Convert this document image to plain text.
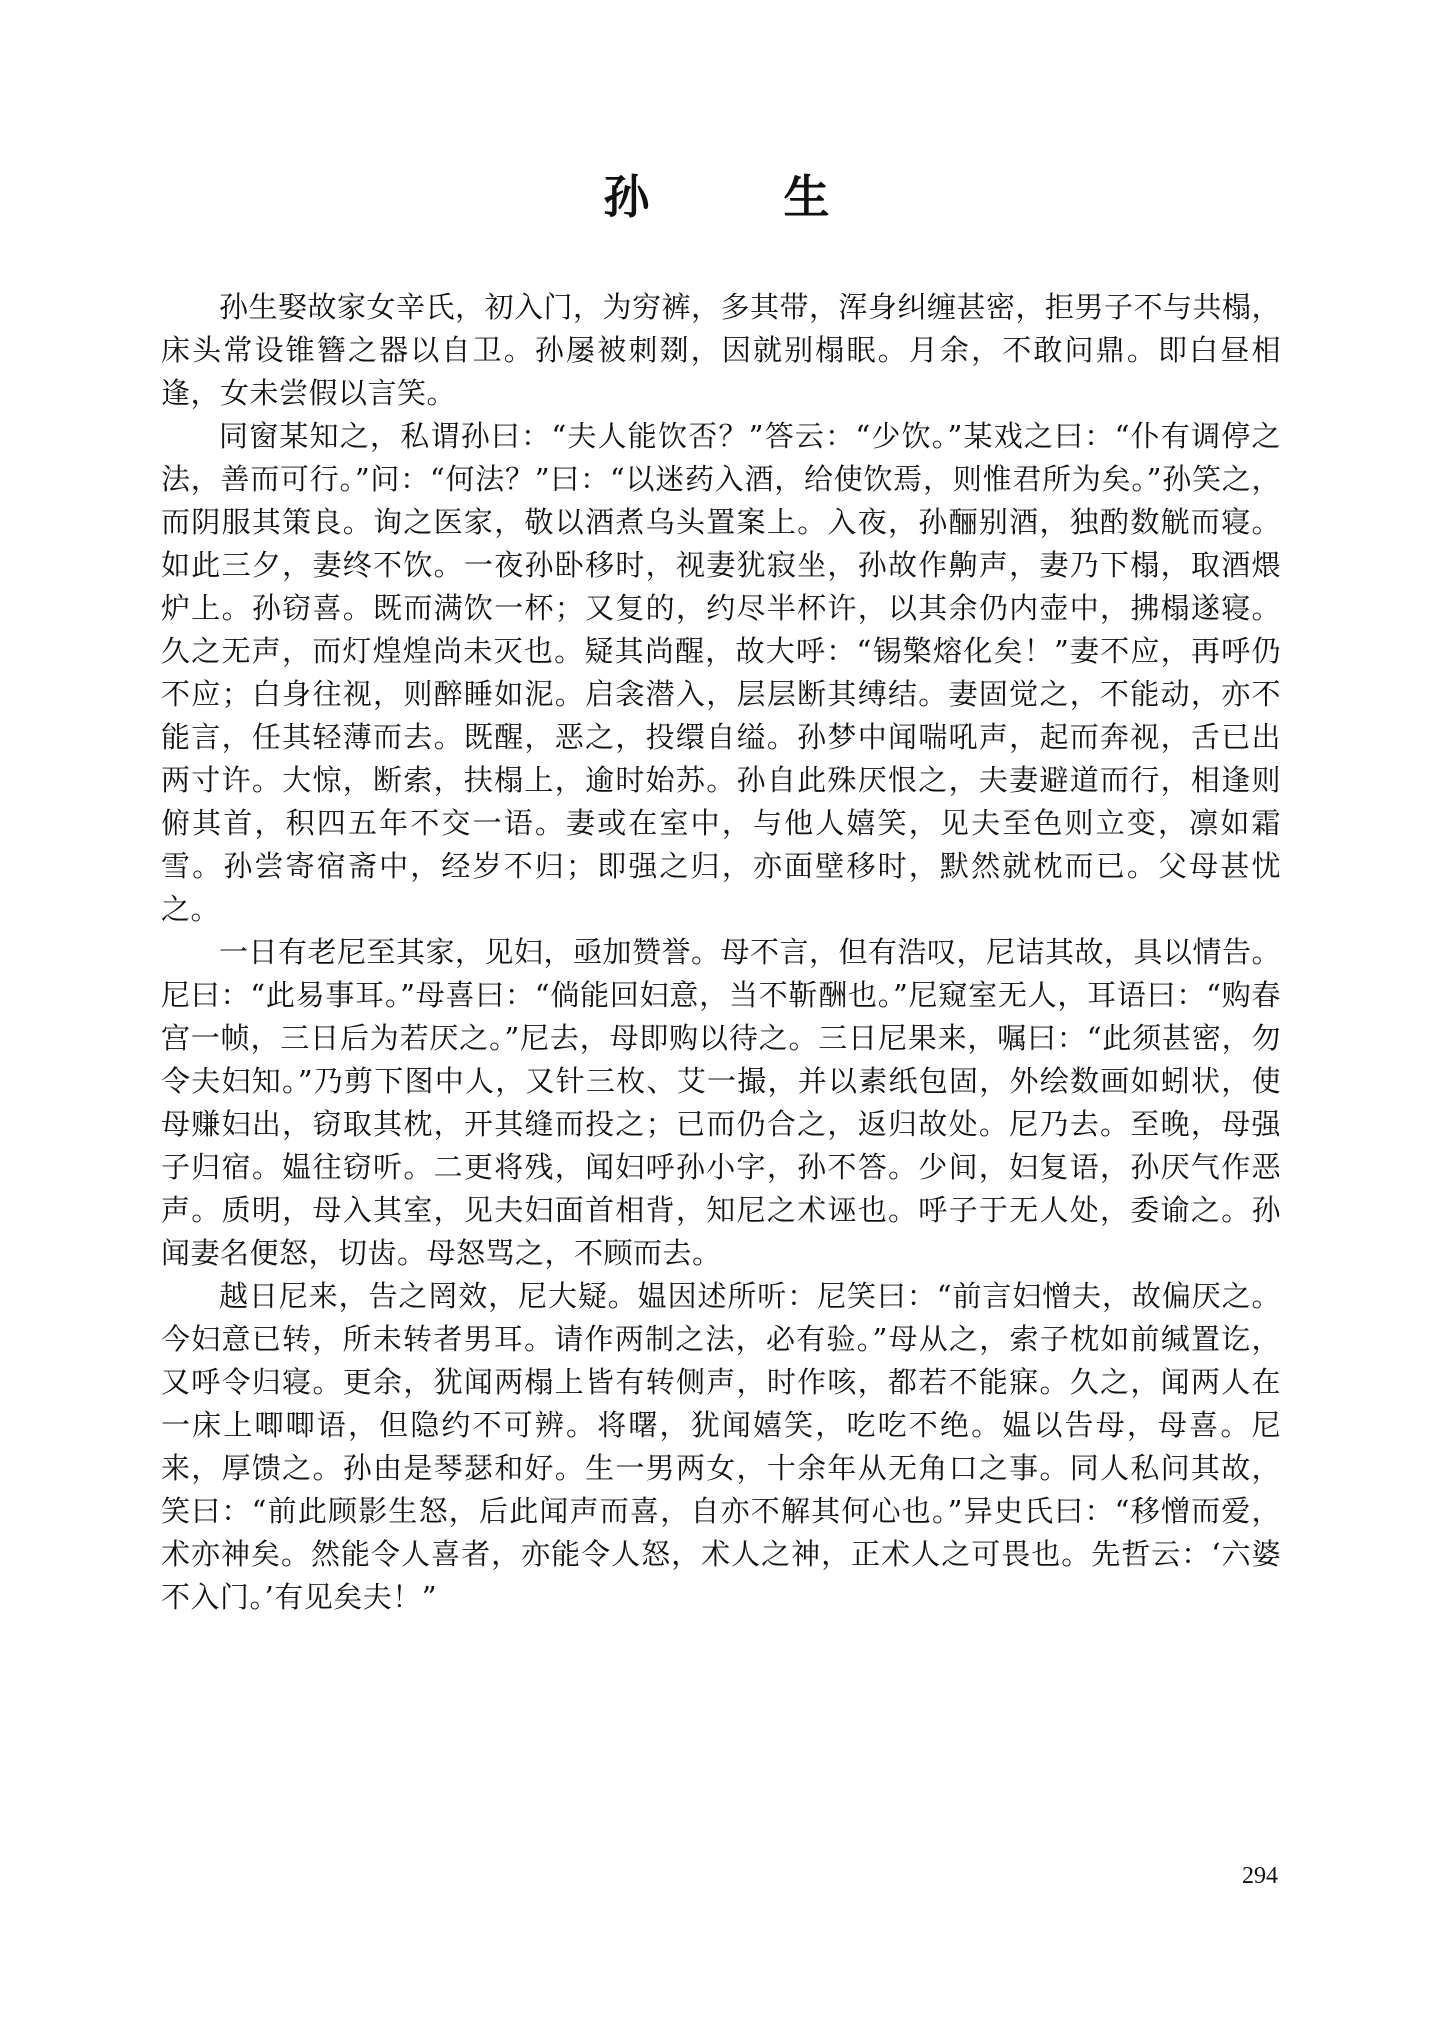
孙　生

孙生娶故家女辛氏，初入门，为穷裤，多其带，浑身纠缠甚密，拒男子不与共榻，床头常设锥簪之器以自卫。孙屡被刺剟，因就别榻眠。月余，不敢问鼎。即白昼相逢，女未尝假以言笑。

同窗某知之，私谓孙曰：“夫人能饮否？”答云：“少饮。”某戏之曰：“仆有调停之法，善而可行。”问：“何法？”曰：“以迷药入酒，给使饮焉，则惟君所为矣。”孙笑之，而阴服其策良。询之医家，敬以酒煮乌头置案上。入夜，孙酾别酒，独酌数觥而寝。如此三夕，妻终不饮。一夜孙卧移时，视妻犹寂坐，孙故作齁声，妻乃下榻，取酒煨炉上。孙窃喜。既而满饮一杯；又复的，约尽半杯许，以其余仍内壶中，拂榻遂寝。久之无声，而灯煌煌尚未灭也。疑其尚醒，故大呼：“锡檠熔化矣！”妻不应，再呼仍不应；白身往视，则醉睡如泥。启衾潜入，层层断其缚结。妻固觉之，不能动，亦不能言，任其轻薄而去。既醒，恶之，投缳自缢。孙梦中闻喘吼声，起而奔视，舌已出两寸许。大惊，断索，扶榻上，逾时始苏。孙自此殊厌恨之，夫妻避道而行，相逢则俯其首，积四五年不交一语。妻或在室中，与他人嬉笑，见夫至色则立变，凛如霜雪。孙尝寄宿斋中，经岁不归；即强之归，亦面壁移时，默然就枕而已。父母甚忧之。

一日有老尼至其家，见妇，亟加赞誉。母不言，但有浩叹，尼诘其故，具以情告。尼曰：“此易事耳。”母喜曰：“倘能回妇意，当不靳酬也。”尼窥室无人，耳语曰：“购春宫一帧，三日后为若厌之。”尼去，母即购以待之。三日尼果来，嘱曰：“此须甚密，勿令夫妇知。”乃剪下图中人，又针三枚、艾一撮，并以素纸包固，外绘数画如蚓状，使母赚妇出，窃取其枕，开其缝而投之；已而仍合之，返归故处。尼乃去。至晚，母强子归宿。媪往窃听。二更将残，闻妇呼孙小字，孙不答。少间，妇复语，孙厌气作恶声。质明，母入其室，见夫妇面首相背，知尼之术诬也。呼子于无人处，委谕之。孙闻妻名便怒，切齿。母怒骂之，不顾而去。

越日尼来，告之罔效，尼大疑。媪因述所听：尼笑曰：“前言妇憎夫，故偏厌之。今妇意已转，所未转者男耳。请作两制之法，必有验。”母从之，索子枕如前缄置讫，又呼令归寝。更余，犹闻两榻上皆有转侧声，时作咳，都若不能寐。久之，闻两人在一床上唧唧语，但隐约不可辨。将曙，犹闻嬉笑，吃吃不绝。媪以告母，母喜。尼来，厚馈之。孙由是琴瑟和好。生一男两女，十余年从无角口之事。同人私问其故，笑曰：“前此顾影生怒，后此闻声而喜，自亦不解其何心也。”异史氏曰：“移憎而爱，术亦神矣。然能令人喜者，亦能令人怒，术人之神，正术人之可畏也。先哲云：‘六婆不入门。’有见矣夫！”

294
